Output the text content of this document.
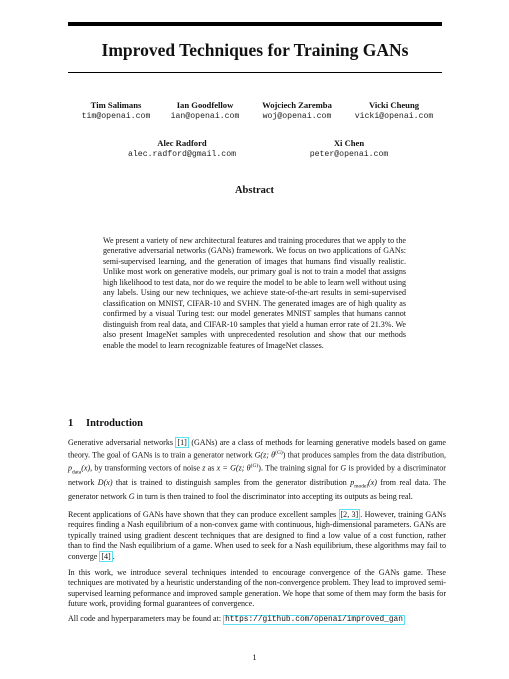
Improved Techniques for Training GANs
Tim Salimans
tim@openai.com
Ian Goodfellow
ian@openai.com
Wojciech Zaremba
woj@openai.com
Vicki Cheung
vicki@openai.com
Alec Radford
alec.radford@gmail.com
Xi Chen
peter@openai.com
Abstract
We present a variety of new architectural features and training procedures that we apply to the generative adversarial networks (GANs) framework. We focus on two applications of GANs: semi-supervised learning, and the generation of images that humans find visually realistic. Unlike most work on generative models, our primary goal is not to train a model that assigns high likelihood to test data, nor do we require the model to be able to learn well without using any labels. Using our new techniques, we achieve state-of-the-art results in semi-supervised classification on MNIST, CIFAR-10 and SVHN. The generated images are of high quality as confirmed by a visual Turing test: our model generates MNIST samples that humans cannot distinguish from real data, and CIFAR-10 samples that yield a human error rate of 21.3%. We also present ImageNet samples with unprecedented resolution and show that our methods enable the model to learn recognizable features of ImageNet classes.
1 Introduction
Generative adversarial networks [1] (GANs) are a class of methods for learning generative models based on game theory. The goal of GANs is to train a generator network G(z; $\theta^{(G)}$) that produces samples from the data distribution, $p_{data}(x)$, by transforming vectors of noise z as x = G(z; $\theta^{(G)}$). The training signal for G is provided by a discriminator network D(x) that is trained to distinguish samples from the generator distribution $p_{model}(x)$ from real data. The generator network G in turn is then trained to fool the discriminator into accepting its outputs as being real.
Recent applications of GANs have shown that they can produce excellent samples [2, 3] . However, training GANs requires finding a Nash equilibrium of a non-convex game with continuous, high-dimensional parameters. GANs are typically trained using gradient descent techniques that are designed to find a low value of a cost function, rather than to find the Nash equilibrium of a game. When used to seek for a Nash equilibrium, these algorithms may fail to converge [4] .
In this work, we introduce several techniques intended to encourage convergence of the GANs game. These techniques are motivated by a heuristic understanding of the non-convergence problem. They lead to improved semi-supervised learning peformance and improved sample generation. We hope that some of them may form the basis for future work, providing formal guarantees of convergence.
All code and hyperparameters may be found at: https://github.com/openai/improved_gan
1
